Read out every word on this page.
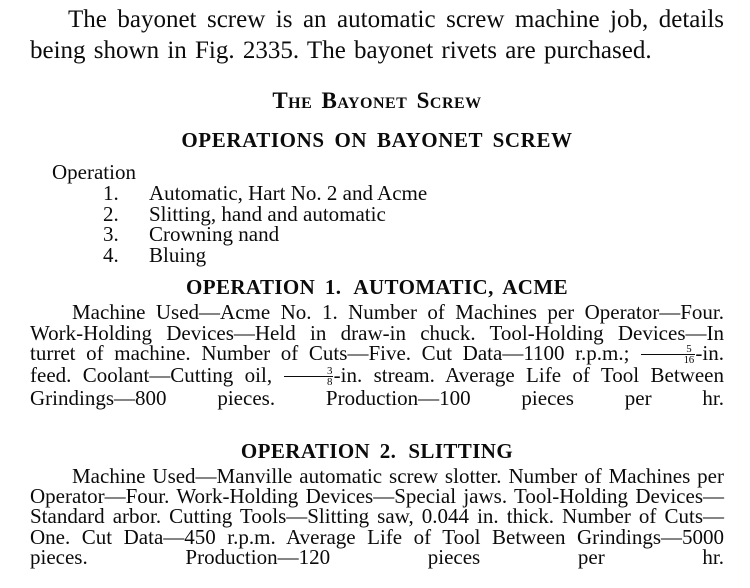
The bayonet screw is an automatic screw machine job, details being shown in Fig. 2335. The bayonet rivets are purchased.

The Bayonet Screw
OPERATIONS ON BAYONET SCREW

Operation

1. Automatic, Hart No. 2 and Acme
2. Slitting, hand and automatic
3. Crowning nand
4. Bluing
OPERATION 1. AUTOMATIC, ACME

Machine Used—Acme No. 1. Number of Machines per Operator—Four. Work-Holding Devices—Held in draw-in chuck. Tool-Holding Devices—In turret of machine. Number of Cuts—Five. Cut Data—1100 r.p.m.; $\frac{5}{16} -in$. feed. Coolant—Cutting oil, $\frac{3}{8} -in$. stream. Average Life of Tool Between Grindings—800 pieces. Production—100 pieces per hr.

OPERATION 2. SLITTING

Machine Used—Manville automatic screw slotter. Number of Machines per Operator—Four. Work-Holding Devices—Special jaws. Tool-Holding Devices—Standard arbor. Cutting Tools—Slitting saw, 0.044 in. thick. Number of Cuts—One. Cut Data—450 r.p.m. Average Life of Tool Between Grindings—5000 pieces. Production—120 pieces per hr.
